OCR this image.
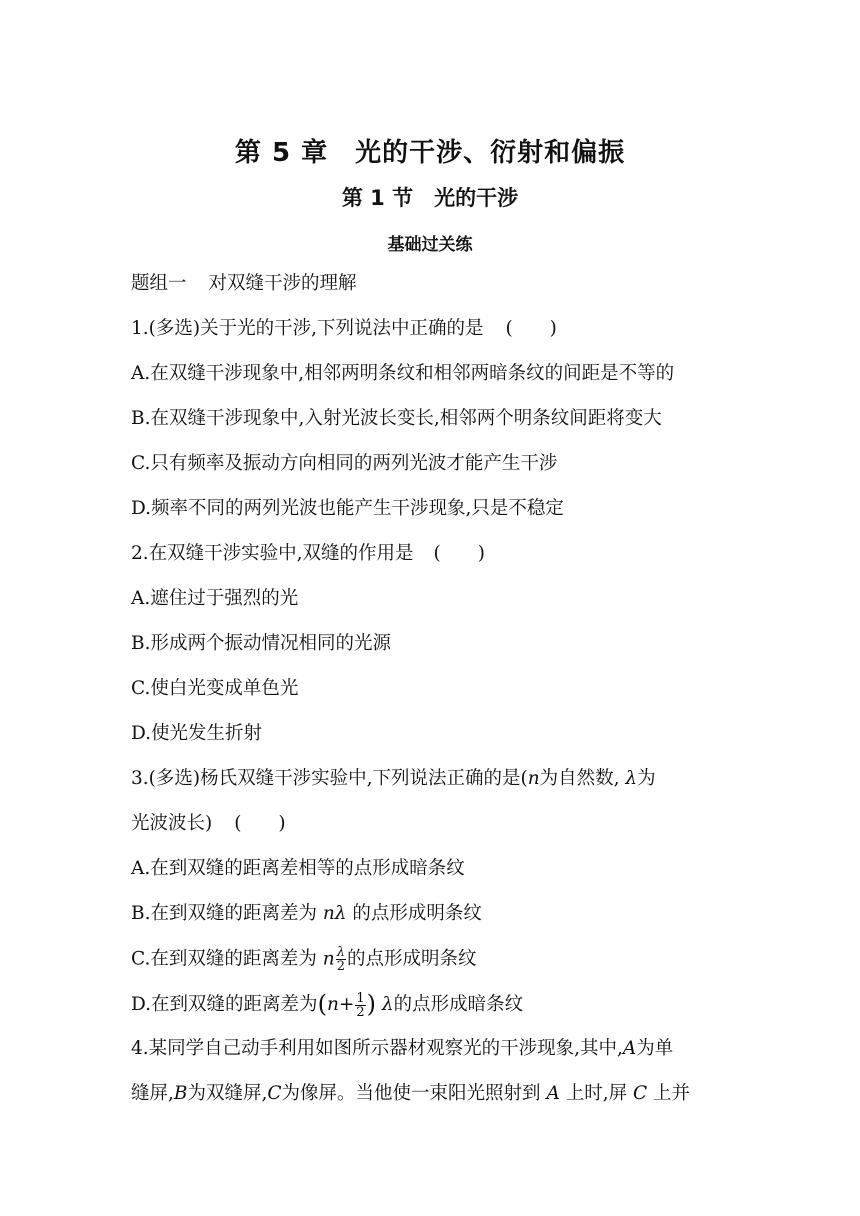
第 5 章　光的干涉、衍射和偏振
第 1 节　光的干涉
基础过关练
题组一 对双缝干涉的理解
1.(多选)关于光的干涉,下列说法中正确的是 (　　)
A.在双缝干涉现象中,相邻两明条纹和相邻两暗条纹的间距是不等的
B.在双缝干涉现象中,入射光波长变长,相邻两个明条纹间距将变大
C.只有频率及振动方向相同的两列光波才能产生干涉
D.频率不同的两列光波也能产生干涉现象,只是不稳定
2.在双缝干涉实验中,双缝的作用是 (　　)
A.遮住过于强烈的光
B.形成两个振动情况相同的光源
C.使白光变成单色光
D.使光发生折射
3.(多选)杨氏双缝干涉实验中,下列说法正确的是(n为自然数, λ为
光波波长) (　　)
A.在到双缝的距离差相等的点形成暗条纹
B.在到双缝的距离差为 nλ 的点形成明条纹
C.在到双缝的距离差为 n $\frac{\lambda}{2}$ 的点形成明条纹
D.在到双缝的距离差为($n+ \frac{1}{2}$ ) λ的点形成暗条纹
4.某同学自己动手利用如图所示器材观察光的干涉现象,其中,A为单
缝屏,B为双缝屏,C为像屏。当他使一束阳光照射到 A 上时,屏 C 上并
